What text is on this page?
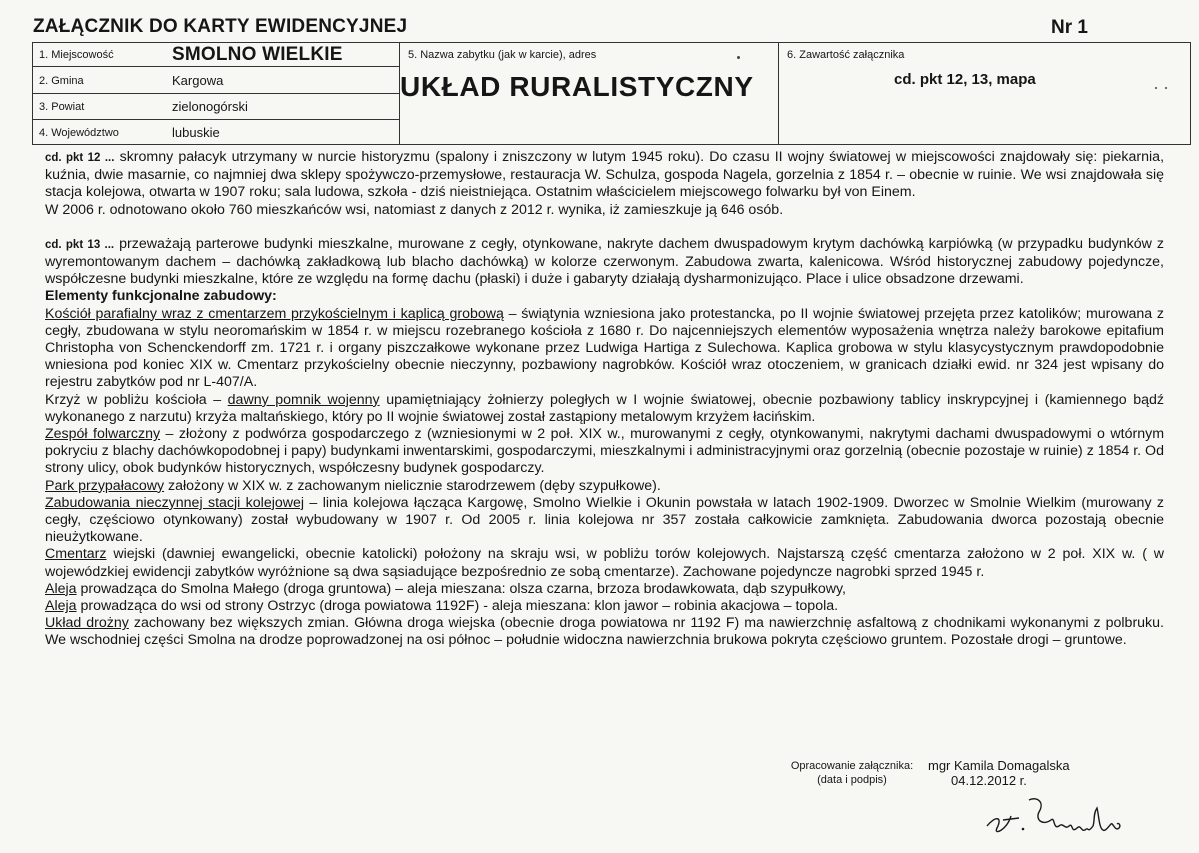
ZAŁĄCZNIK DO KARTY EWIDENCYJNEJ	Nr 1
1. Miejscowość	SMOLNO WIELKIE
2. Gmina	Kargowa
3. Powiat	zielonogórski
4. Województwo	lubuskie
5. Nazwa zabytku (jak w karcie), adres
UKŁAD RURALISTYCZNY
6. Zawartość załącznika
cd. pkt 12, 13, mapa

cd. pkt 12 ... skromny pałacyk utrzymany w nurcie historyzmu (spalony i zniszczony w lutym 1945 roku). Do czasu II wojny światowej w miejscowości znajdowały się: piekarnia, kuźnia, dwie masarnie, co najmniej dwa sklepy spożywczo-przemysłowe, restauracja W. Schulza, gospoda Nagela, gorzelnia z 1854 r. – obecnie w ruinie. We wsi znajdowała się stacja kolejowa, otwarta w 1907 roku; sala ludowa, szkoła - dziś nieistniejąca. Ostatnim właścicielem miejscowego folwarku był von Einem.

W 2006 r. odnotowano około 760 mieszkańców wsi, natomiast z danych z 2012 r. wynika, iż zamieszkuje ją 646 osób.

cd. pkt 13 ... przeważają parterowe budynki mieszkalne, murowane z cegły, otynkowane, nakryte dachem dwuspadowym krytym dachówką karpiówką (w przypadku budynków z wyremontowanym dachem – dachówką zakładkową lub blacho dachówką) w kolorze czerwonym. Zabudowa zwarta, kalenicowa. Wśród historycznej zabudowy pojedyncze, współczesne budynki mieszkalne, które ze względu na formę dachu (płaski) i duże i gabaryty działają dysharmonizująco. Place i ulice obsadzone drzewami.

Elementy funkcjonalne zabudowy:

Kościół parafialny wraz z cmentarzem przykościelnym i kaplicą grobową – świątynia wzniesiona jako protestancka, po II wojnie światowej przejęta przez katolików; murowana z cegły, zbudowana w stylu neoromańskim w 1854 r. w miejscu rozebranego kościoła z 1680 r. Do najcenniejszych elementów wyposażenia wnętrza należy barokowe epitafium Christopha von Schenckendorff zm. 1721 r. i organy piszczałkowe wykonane przez Ludwiga Hartiga z Sulechowa. Kaplica grobowa w stylu klasycystycznym prawdopodobnie wniesiona pod koniec XIX w. Cmentarz przykościelny obecnie nieczynny, pozbawiony nagrobków. Kościół wraz otoczeniem, w granicach działki ewid. nr 324 jest wpisany do rejestru zabytków pod nr L-407/A.

Krzyż w pobliżu kościoła – dawny pomnik wojenny upamiętniający żołnierzy poległych w I wojnie światowej, obecnie pozbawiony tablicy inskrypcyjnej i (kamiennego bądź wykonanego z narzutu) krzyża maltańskiego, który po II wojnie światowej został zastąpiony metalowym krzyżem łacińskim.

Zespół folwarczny – złożony z podwórza gospodarczego z (wzniesionymi w 2 poł. XIX w., murowanymi z cegły, otynkowanymi, nakrytymi dachami dwuspadowymi o wtórnym pokryciu z blachy dachówkopodobnej i papy) budynkami inwentarskimi, gospodarczymi, mieszkalnymi i administracyjnymi oraz gorzelnią (obecnie pozostaje w ruinie) z 1854 r. Od strony ulicy, obok budynków historycznych, współczesny budynek gospodarczy.

Park przypałacowy założony w XIX w. z zachowanym nielicznie starodrzewem (dęby szypułkowe).

Zabudowania nieczynnej stacji kolejowej – linia kolejowa łącząca Kargowę, Smolno Wielkie i Okunin powstała w latach 1902-1909. Dworzec w Smolnie Wielkim (murowany z cegły, częściowo otynkowany) został wybudowany w 1907 r. Od 2005 r. linia kolejowa nr 357 została całkowicie zamknięta. Zabudowania dworca pozostają obecnie nieużytkowane.

Cmentarz wiejski (dawniej ewangelicki, obecnie katolicki) położony na skraju wsi, w pobliżu torów kolejowych. Najstarszą część cmentarza założono w 2 poł. XIX w. ( w wojewódzkiej ewidencji zabytków wyróżnione są dwa sąsiadujące bezpośrednio ze sobą cmentarze). Zachowane pojedyncze nagrobki sprzed 1945 r.

Aleja prowadząca do Smolna Małego (droga gruntowa) – aleja mieszana: olsza czarna, brzoza brodawkowata, dąb szypułkowy,

Aleja prowadząca do wsi od strony Ostrzyc (droga powiatowa 1192F) - aleja mieszana: klon jawor – robinia akacjowa – topola.

Układ drożny zachowany bez większych zmian. Główna droga wiejska (obecnie droga powiatowa nr 1192 F) ma nawierzchnię asfaltową z chodnikami wykonanymi z polbruku. We wschodniej części Smolna na drodze poprowadzonej na osi północ – południe widoczna nawierzchnia brukowa pokryta częściowo gruntem. Pozostałe drogi – gruntowe.

Opracowanie załącznika:
(data i podpis)
mgr Kamila Domagalska
04.12.2012 r.
